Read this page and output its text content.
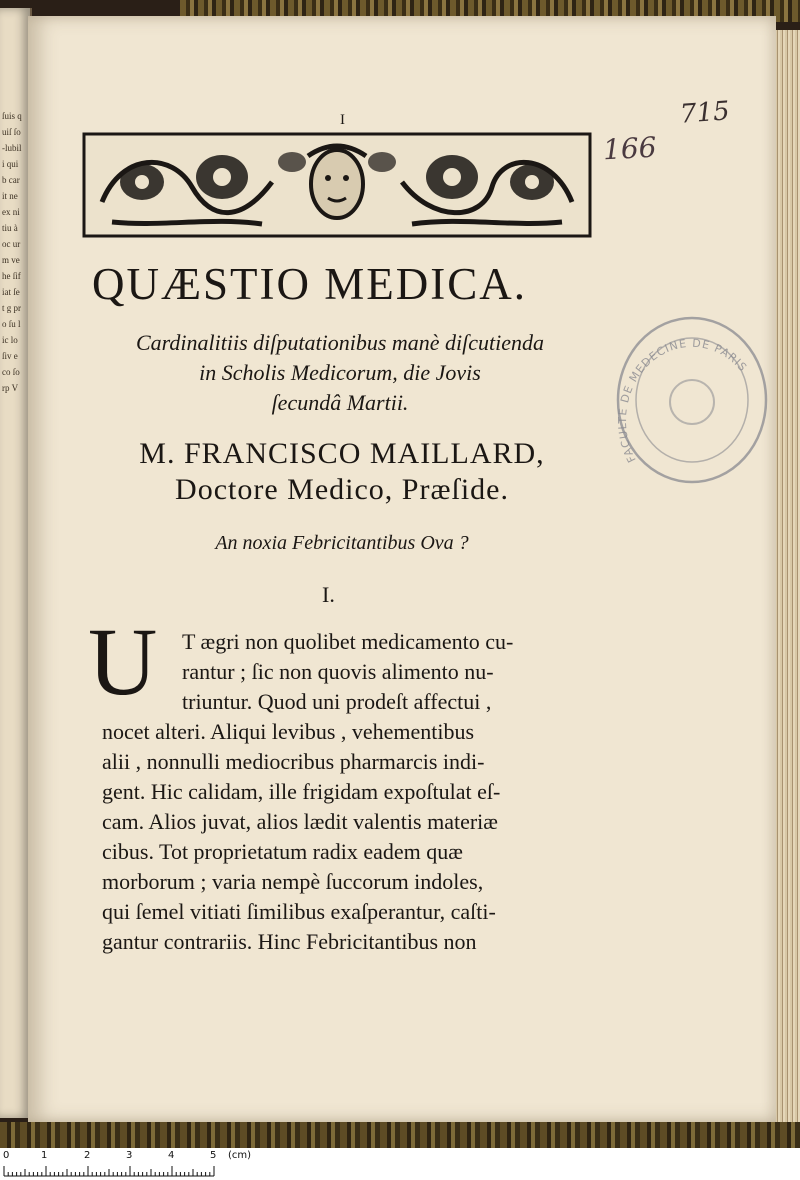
ſuis quiſ ſo-lubili quib carit ne ex nitiu à oc ur m vehe ſifiat ſet g pro ſu lic lo ſiv e co ſorp V
I	715
166
QUÆSTIO MEDICA.
Cardinalitiis diſputationibus manè diſcutienda
in Scholis Medicorum, die Jovis
ſecundâ Martii.
M. FRANCISCO MAILLARD,
Doctore Medico, Præſide.
An noxia Febricitantibus Ova ?
I.
U T ægri non quolibet medicamento cu-
rantur ; ſic non quovis alimento nu-
triuntur. Quod uni prodeſt affectui ,
nocet alteri. Aliqui levibus , vehementibus
alii , nonnulli mediocribus pharmarcis indi-
gent. Hic calidam, ille frigidam expoſtulat eſ-
cam. Alios juvat, alios lædit valentis materiæ
cibus. Tot proprietatum radix eadem quæ
morborum ; varia nempè ſuccorum indoles,
qui ſemel vitiati ſimilibus exaſperantur, caſti-
gantur contrariis. Hinc Febricitantibus non
FACULTE DE MEDECINE DE PARIS
0	1	2	3	4	5 (cm)
